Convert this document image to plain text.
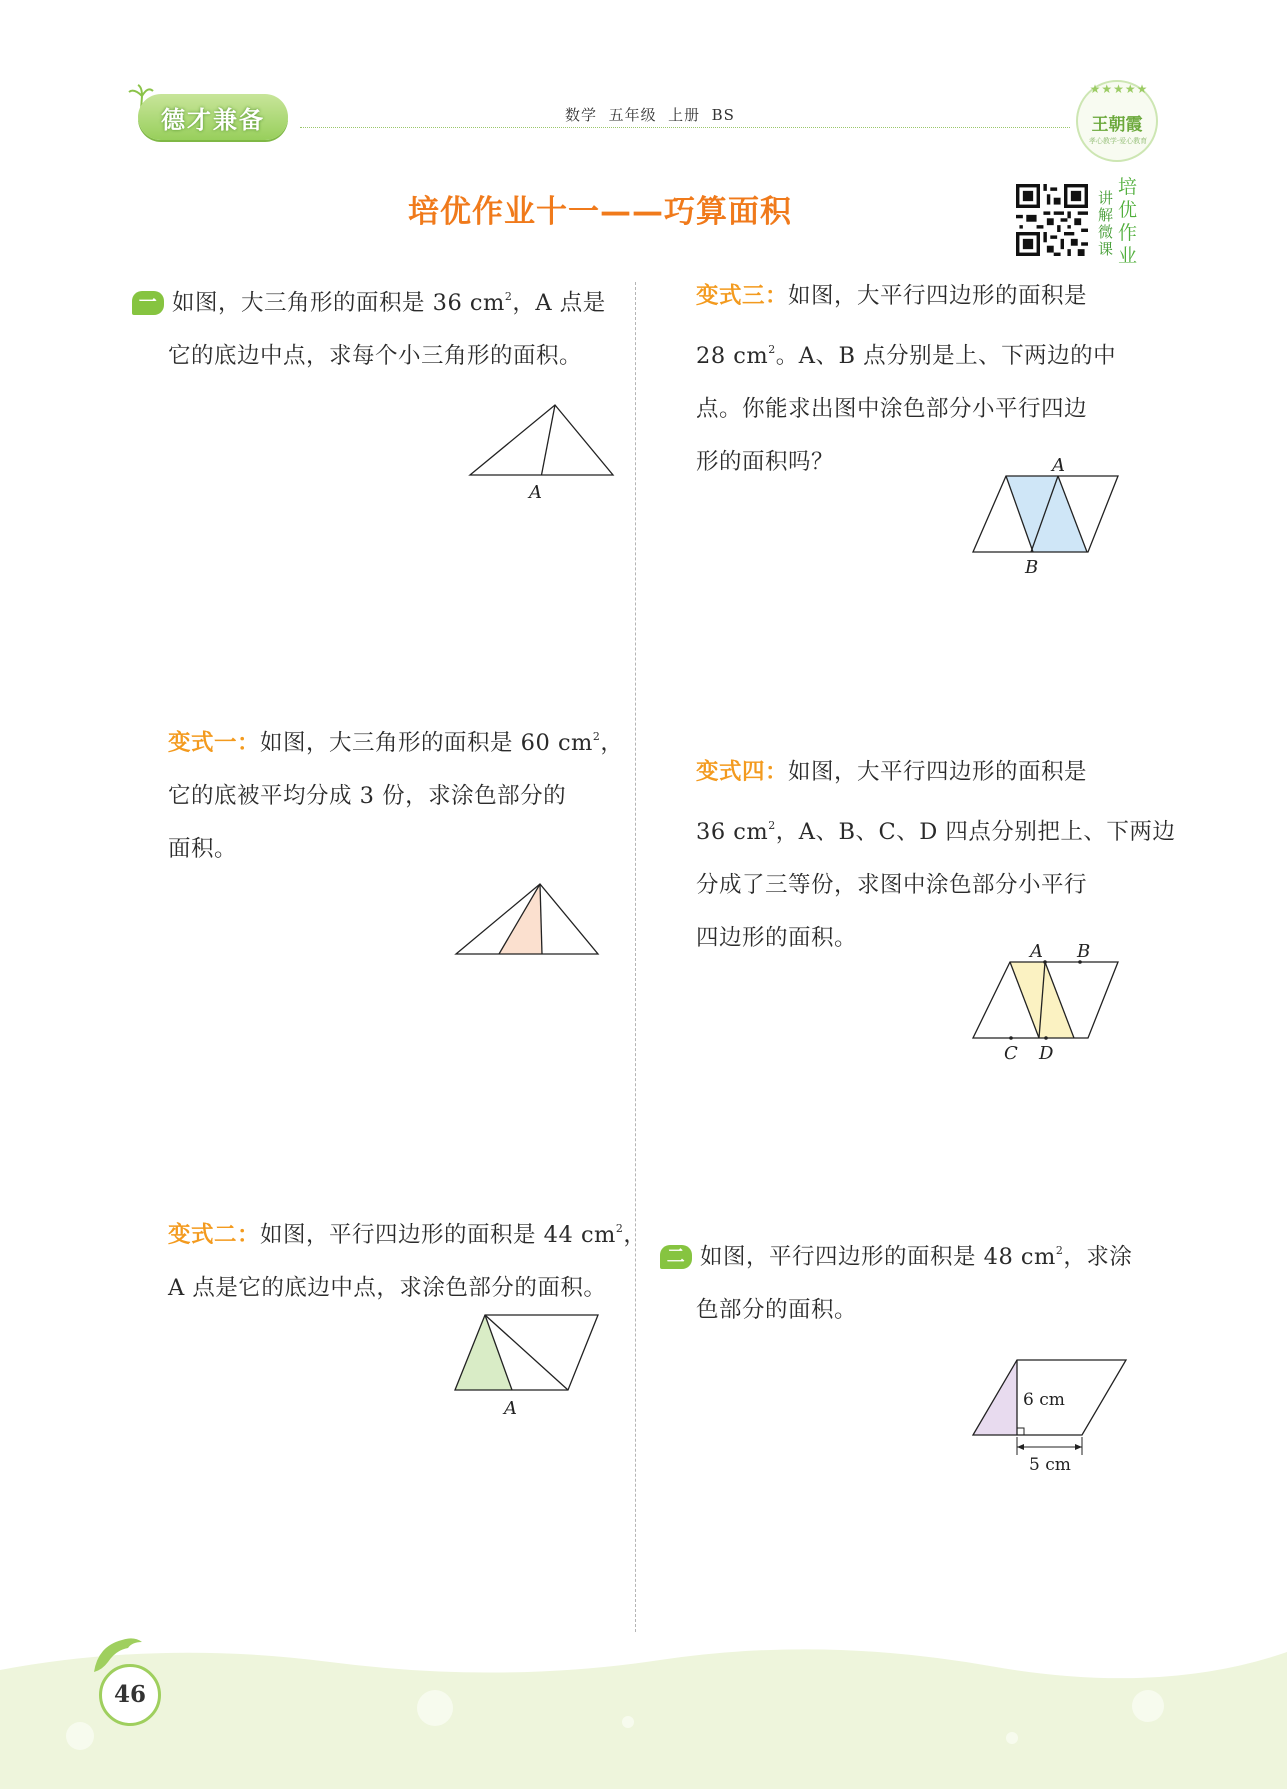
德才兼备	数学  五年级  上册  BS
★★★★★
王朝霞
孝心教学·爱心教育
培优作业十一——巧算面积	讲解微课
培优作业
一 如图，大三角形的面积是 36 $cm^2$，A 点是
它的底边中点，求每个小三角形的面积。
A
变式一：如图，大三角形的面积是 60 $cm^2$，
它的底被平均分成 3 份，求涂色部分的
面积。
变式二：如图，平行四边形的面积是 44 $cm^2$，
A 点是它的底边中点，求涂色部分的面积。
A
变式三：如图，大平行四边形的面积是
28 $cm^2$。A、B 点分别是上、下两边的中
点。你能求出图中涂色部分小平行四边
形的面积吗？	A
B
变式四：如图，大平行四边形的面积是
36 $cm^2$，A、B、C、D 四点分别把上、下两边
分成了三等份，求图中涂色部分小平行
四边形的面积。
A B
C D
二 如图，平行四边形的面积是 48 $cm^2$，求涂
色部分的面积。
6 cm
5 cm
46
